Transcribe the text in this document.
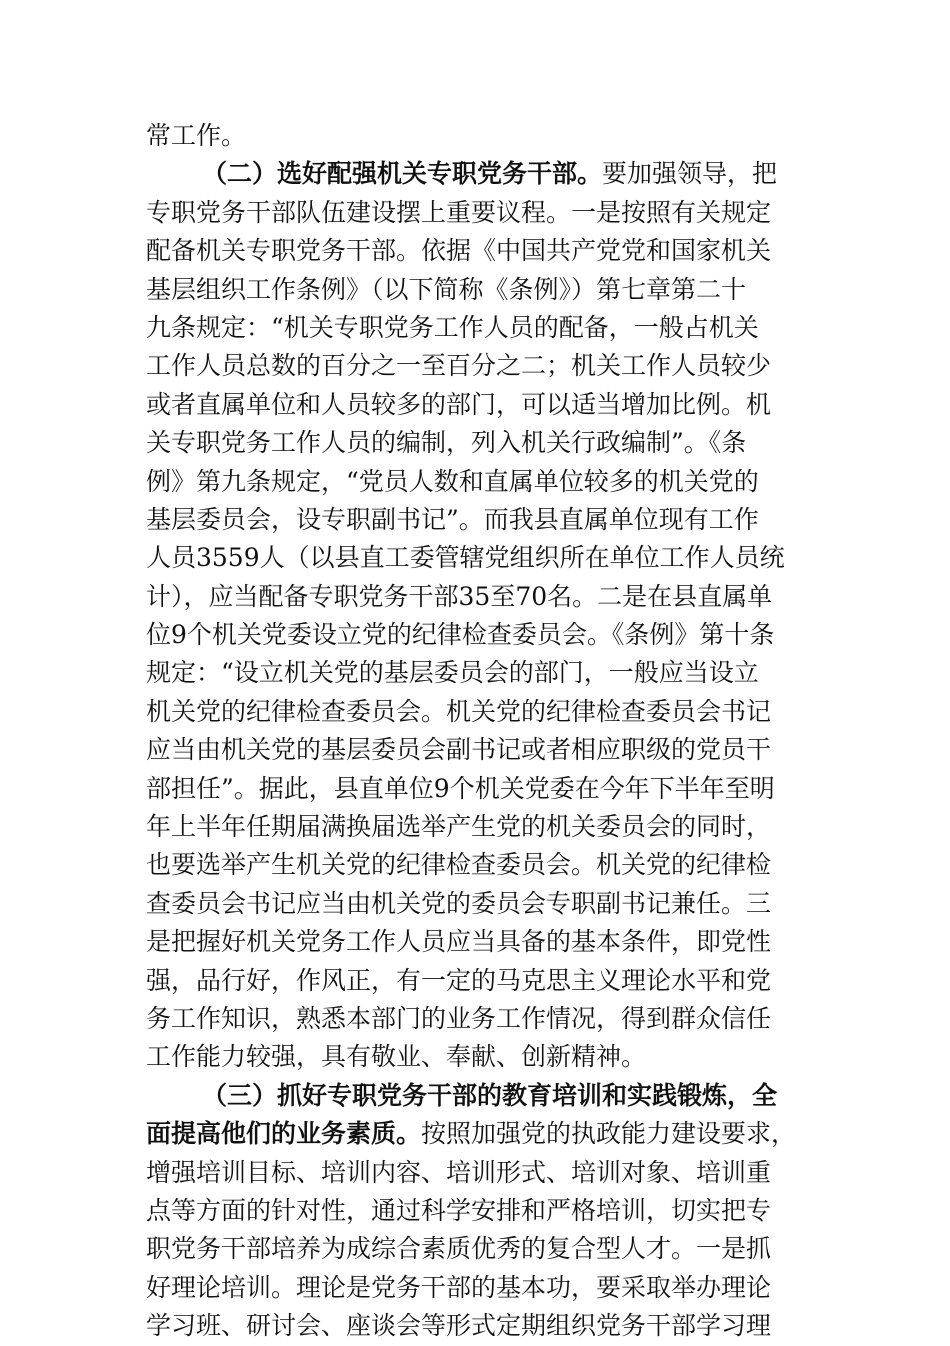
常工作。
（二）选好配强机关专职党务干部。要加强领导，把
专职党务干部队伍建设摆上重要议程。一是按照有关规定
配备机关专职党务干部。依据《中国共产党党和国家机关
基层组织工作条例》（以下简称《条例》）第七章第二十
九条规定：“机关专职党务工作人员的配备，一般占机关
工作人员总数的百分之一至百分之二；机关工作人员较少
或者直属单位和人员较多的部门，可以适当增加比例。机
关专职党务工作人员的编制，列入机关行政编制”。《条
例》第九条规定，“党员人数和直属单位较多的机关党的
基层委员会，设专职副书记”。而我县直属单位现有工作
人员3559人（以县直工委管辖党组织所在单位工作人员统
计），应当配备专职党务干部35至70名。二是在县直属单
位9个机关党委设立党的纪律检查委员会。《条例》第十条
规定：“设立机关党的基层委员会的部门，一般应当设立
机关党的纪律检查委员会。机关党的纪律检查委员会书记
应当由机关党的基层委员会副书记或者相应职级的党员干
部担任”。据此，县直单位9个机关党委在今年下半年至明
年上半年任期届满换届选举产生党的机关委员会的同时，
也要选举产生机关党的纪律检查委员会。机关党的纪律检
查委员会书记应当由机关党的委员会专职副书记兼任。三
是把握好机关党务工作人员应当具备的基本条件，即党性
强，品行好，作风正，有一定的马克思主义理论水平和党
务工作知识，熟悉本部门的业务工作情况，得到群众信任
工作能力较强，具有敬业、奉献、创新精神。
（三）抓好专职党务干部的教育培训和实践锻炼，全
面提高他们的业务素质。按照加强党的执政能力建设要求，
增强培训目标、培训内容、培训形式、培训对象、培训重
点等方面的针对性，通过科学安排和严格培训，切实把专
职党务干部培养为成综合素质优秀的复合型人才。一是抓
好理论培训。理论是党务干部的基本功，要采取举办理论
学习班、研讨会、座谈会等形式定期组织党务干部学习理
